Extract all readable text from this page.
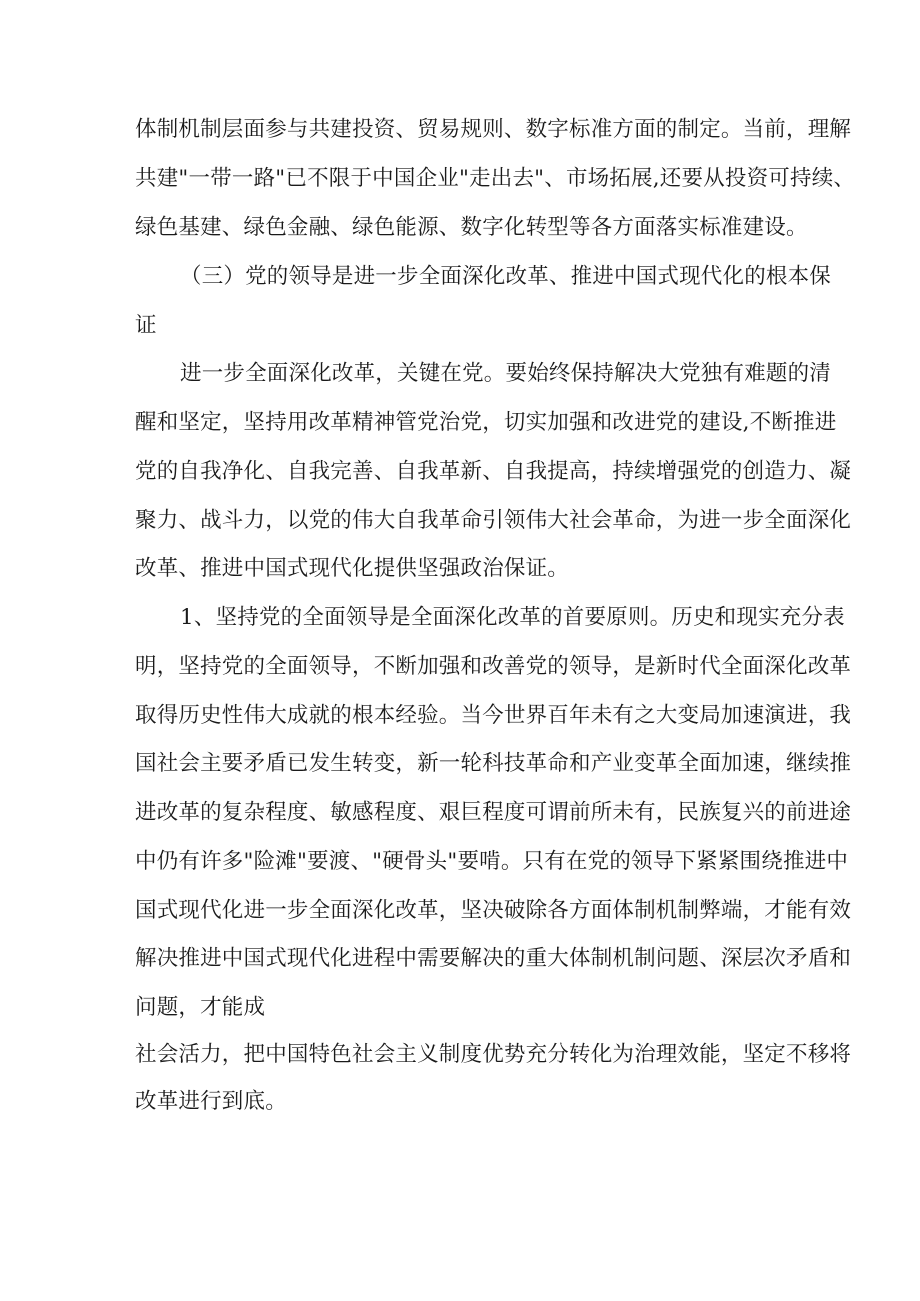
体制机制层面参与共建投资、贸易规则、数字标准方面的制定。当前，理解
共建"一带一路"已不限于中国企业"走出去"、市场拓展,还要从投资可持续、
绿色基建、绿色金融、绿色能源、数字化转型等各方面落实标准建设。
（三）党的领导是进一步全面深化改革、推进中国式现代化的根本保
证
进一步全面深化改革，关键在党。要始终保持解决大党独有难题的清
醒和坚定，坚持用改革精神管党治党，切实加强和改进党的建设,不断推进
党的自我净化、自我完善、自我革新、自我提高，持续增强党的创造力、凝
聚力、战斗力，以党的伟大自我革命引领伟大社会革命，为进一步全面深化
改革、推进中国式现代化提供坚强政治保证。
1、坚持党的全面领导是全面深化改革的首要原则。历史和现实充分表
明，坚持党的全面领导，不断加强和改善党的领导，是新时代全面深化改革
取得历史性伟大成就的根本经验。当今世界百年未有之大变局加速演进，我
国社会主要矛盾已发生转变，新一轮科技革命和产业变革全面加速，继续推
进改革的复杂程度、敏感程度、艰巨程度可谓前所未有，民族复兴的前进途
中仍有许多"险滩"要渡、"硬骨头"要啃。只有在党的领导下紧紧围绕推进中
国式现代化进一步全面深化改革，坚决破除各方面体制机制弊端，才能有效
解决推进中国式现代化进程中需要解决的重大体制机制问题、深层次矛盾和
问题，才能成
社会活力，把中国特色社会主义制度优势充分转化为治理效能，坚定不移将
改革进行到底。
